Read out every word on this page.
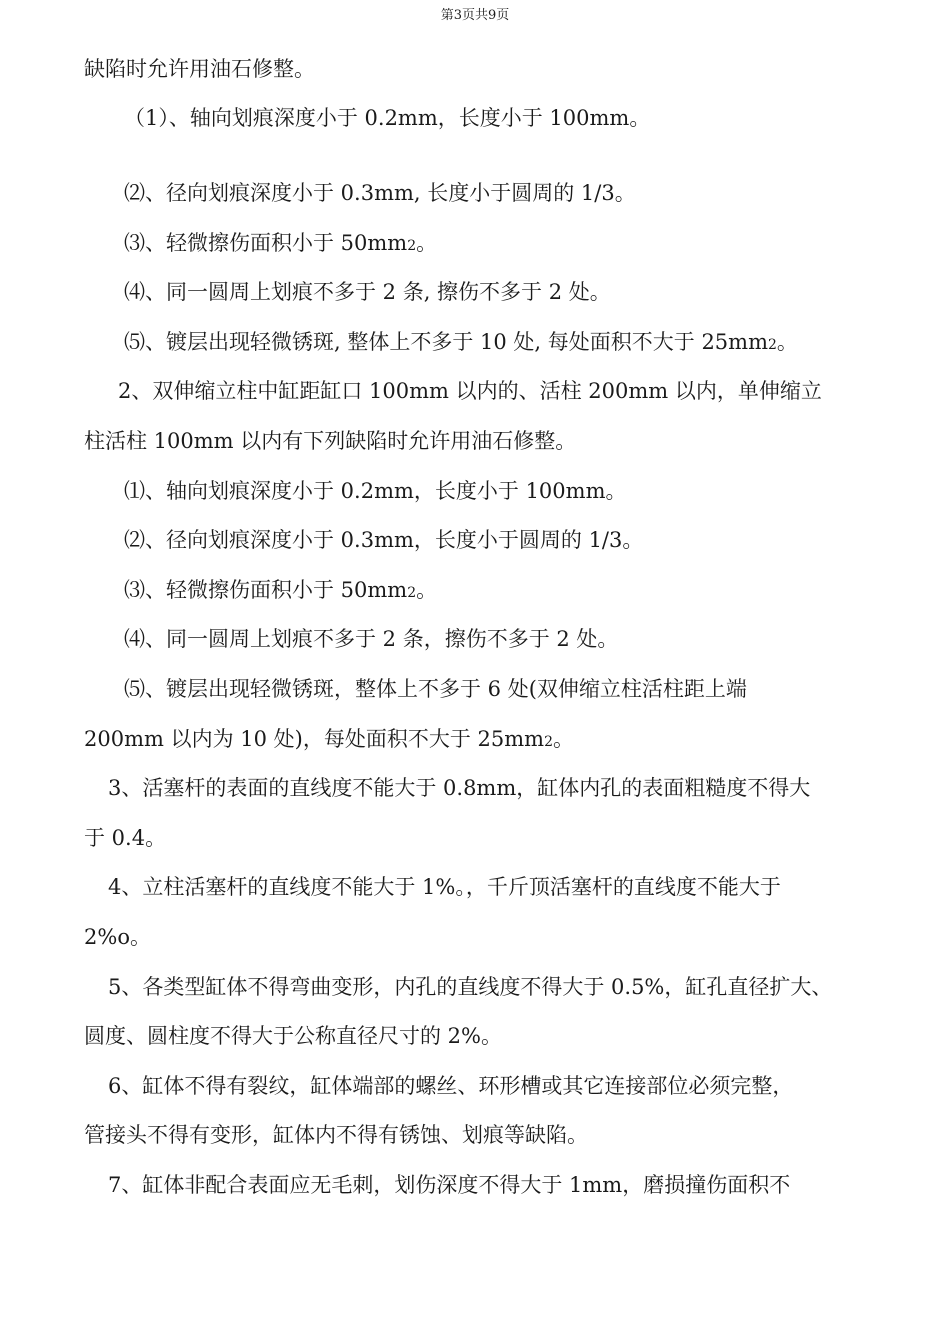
第3页共9页
缺陷时允许用油石修整。
（1）、轴向划痕深度小于 0.2mm，长度小于 100mm。
⑵、径向划痕深度小于 0.3mm, 长度小于圆周的 1/3。
⑶、轻微擦伤面积小于 50mm2。
⑷、同一圆周上划痕不多于 2 条, 擦伤不多于 2 处。
⑸、镀层出现轻微锈斑, 整体上不多于 10 处, 每处面积不大于 25mm2。
2、双伸缩立柱中缸距缸口 100mm 以内的、活柱 200mm 以内，单伸缩立
柱活柱 100mm 以内有下列缺陷时允许用油石修整。
⑴、轴向划痕深度小于 0.2mm，长度小于 100mm。
⑵、径向划痕深度小于 0.3mm，长度小于圆周的 1/3。
⑶、轻微擦伤面积小于 50mm2。
⑷、同一圆周上划痕不多于 2 条，擦伤不多于 2 处。
⑸、镀层出现轻微锈斑，整体上不多于 6 处(双伸缩立柱活柱距上端
200mm 以内为 10 处)，每处面积不大于 25mm2。
3、活塞杆的表面的直线度不能大于 0.8mm，缸体内孔的表面粗糙度不得大
于 0.4。
4、立柱活塞杆的直线度不能大于 1%。，千斤顶活塞杆的直线度不能大于
2%o。
5、各类型缸体不得弯曲变形，内孔的直线度不得大于 0.5%，缸孔直径扩大、
圆度、圆柱度不得大于公称直径尺寸的 2%。
6、缸体不得有裂纹，缸体端部的螺丝、环形槽或其它连接部位必须完整，
管接头不得有变形，缸体内不得有锈蚀、划痕等缺陷。
7、缸体非配合表面应无毛刺，划伤深度不得大于 1mm，磨损撞伤面积不
